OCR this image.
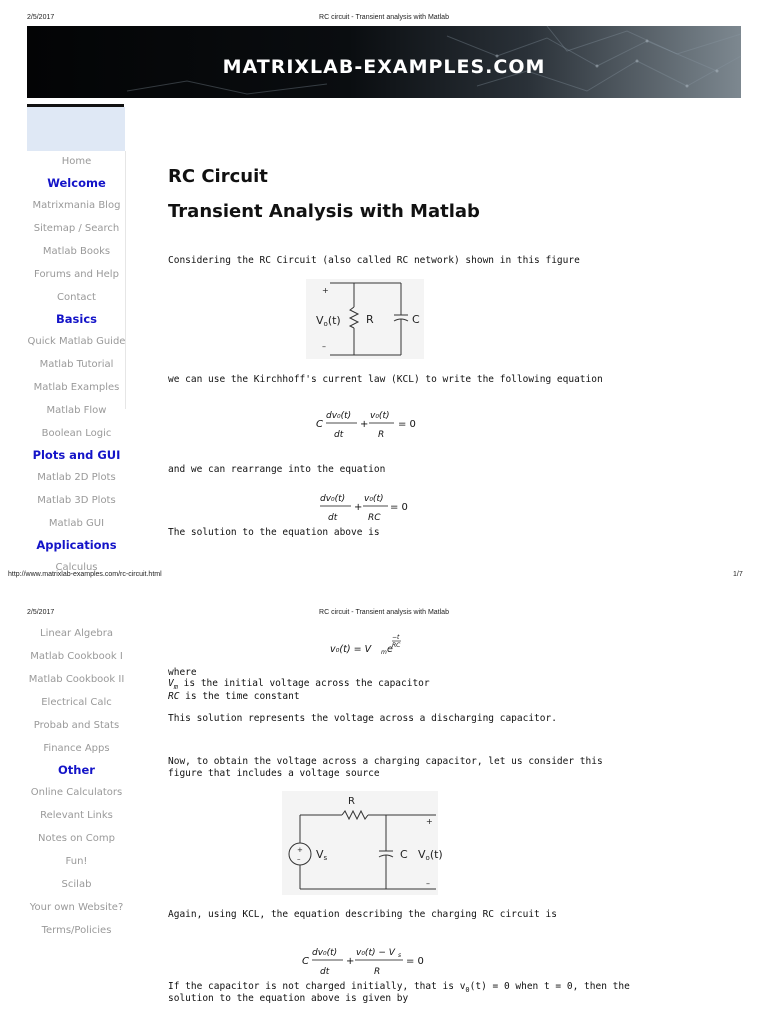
2/5/2017	RC circuit - Transient analysis with Matlab
MATRIXLAB-EXAMPLES.COM
Home
Welcome
Matrixmania Blog
Sitemap / Search
Matlab Books
Forums and Help
Contact
Basics
Quick Matlab Guide
Matlab Tutorial
Matlab Examples
Matlab Flow
Boolean Logic
Plots and GUI
Matlab 2D Plots
Matlab 3D Plots
Matlab GUI
Applications
Calculus
RC Circuit
Transient Analysis with Matlab
Considering the RC Circuit (also called RC network) shown in this figure
+
–
Vo(t) R	C
we can use the Kirchhoff's current law (KCL) to write the following equation
C
dv₀(t)
dt
+
v₀(t)
R
= 0
and we can rearrange into the equation
dv₀(t)
dt
+
v₀(t)
RC
= 0
The solution to the equation above is
http://www.matrixlab-examples.com/rc-circuit.html	1/7
2/5/2017	RC circuit - Transient analysis with Matlab
Linear Algebra
Matlab Cookbook I
Matlab Cookbook II
Electrical Calc
Probab and Stats
Finance Apps
Other
Online Calculators
Relevant Links
Notes on Comp
Fun!
Scilab
Your own Website?
Terms/Policies
v₀(t) = V m e
−t
RC
where
$V_m$ is the initial voltage across the capacitor
RC is the time constant
This solution represents the voltage across a discharging capacitor.
Now, to obtain the voltage across a charging capacitor, let us consider this
figure that includes a voltage source
R
+
–
+
– Vs	C Vo(t)
Again, using KCL, the equation describing the charging RC circuit is
C
dv₀(t)
dt
+
v₀(t) − V s
R
= 0
If the capacitor is not charged initially, that is $v_0(t) = 0$ when t = 0, then the
solution to the equation above is given by
